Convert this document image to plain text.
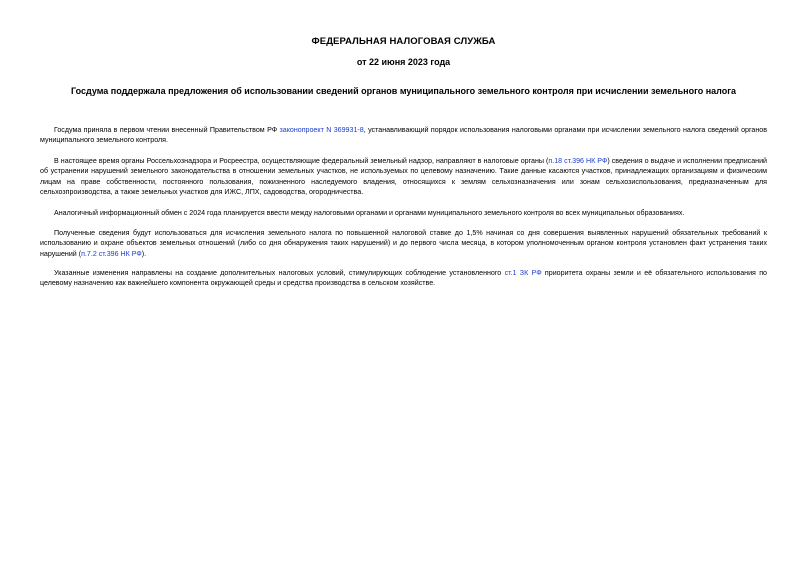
ФЕДЕРАЛЬНАЯ НАЛОГОВАЯ СЛУЖБА
от 22 июня 2023 года
Госдума поддержала предложения об использовании сведений органов муниципального земельного контроля при исчислении земельного налога

Госдума приняла в первом чтении внесенный Правительством РФ законопроект N 369931-8, устанавливающий порядок использования налоговыми органами при исчислении земельного налога сведений органов муниципального земельного контроля.

В настоящее время органы Россельхознадзора и Росреестра, осуществляющие федеральный земельный надзор, направляют в налоговые органы (п.18 ст.396 НК РФ) сведения о выдаче и исполнении предписаний об устранении нарушений земельного законодательства в отношении земельных участков, не используемых по целевому назначению. Такие данные касаются участков, принадлежащих организациям и физическим лицам на праве собственности, постоянного пользования, пожизненного наследуемого владения, относящихся к землям сельхозназначения или зонам сельхозиспользования, предназначенным для сельхозпроизводства, а также земельных участков для ИЖС, ЛПХ, садоводства, огородничества.

Аналогичный информационный обмен с 2024 года планируется ввести между налоговыми органами и органами муниципального земельного контроля во всех муниципальных образованиях.

Полученные сведения будут использоваться для исчисления земельного налога по повышенной налоговой ставке до 1,5% начиная со дня совершения выявленных нарушений обязательных требований к использованию и охране объектов земельных отношений (либо со дня обнаружения таких нарушений) и до первого числа месяца, в котором уполномоченным органом контроля установлен факт устранения таких нарушений (п.7.2 ст.396 НК РФ).

Указанные изменения направлены на создание дополнительных налоговых условий, стимулирующих соблюдение установленного ст.1 ЗК РФ приоритета охраны земли и её обязательного использования по целевому назначению как важнейшего компонента окружающей среды и средства производства в сельском хозяйстве.
